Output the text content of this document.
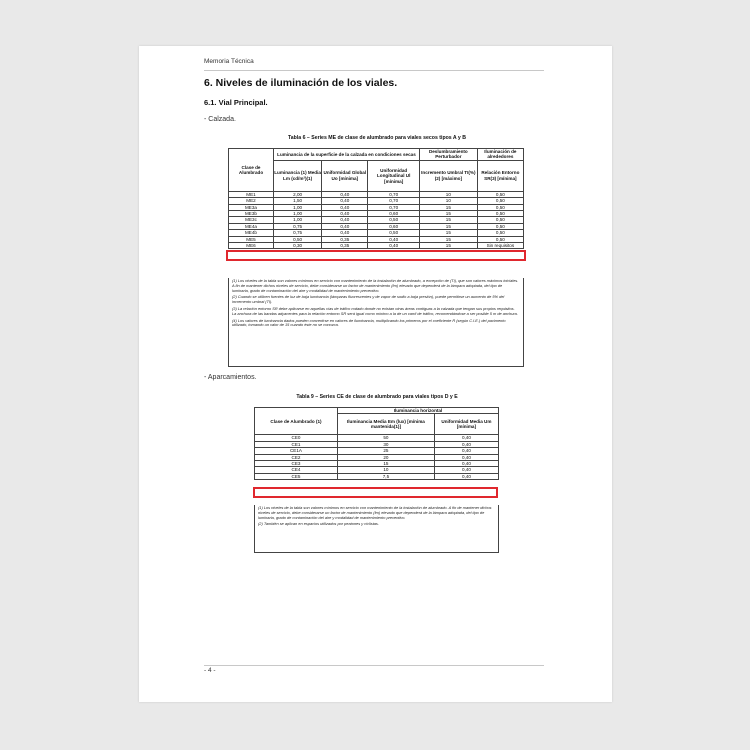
Memoria Técnica
6. Niveles de iluminación de los viales.
6.1. Vial Principal.
- Calzada.
Tabla 6 – Series ME de clase de alumbrado para viales secos tipos A y B
Clase de Alumbrado	Luminancia de la superficie de la calzada en condiciones secas			Deslumbramiento Perturbador	Iluminación de alrededores
	Luminancia (1) Media Lm (cd/m²)(1)	Uniformidad Global Uo [mínima]	Uniformidad Longitudinal Ul [mínima]	Incremento Umbral TI(%)(2) [máximo]	Relación Entorno SR(3) [mínima]
ME1	2,00	0,40	0,70	10	0,50
ME2	1,50	0,40	0,70	10	0,50
ME3a	1,00	0,40	0,70	15	0,50
ME3b	1,00	0,40	0,60	15	0,50
ME3c	1,00	0,40	0,50	15	0,50
ME4a	0,75	0,40	0,60	15	0,50
ME4b	0,75	0,40	0,50	15	0,50
ME5	0,50	0,35	0,40	15	0,50
ME6	0,30	0,35	0,40	15	Sin requisitos

(1) Los niveles de la tabla son valores mínimos en servicio con mantenimiento de la instalación de alumbrado, a excepción de (TI), que son valores máximos iniciales. A fin de mantener dichos niveles de servicio, debe considerarse un factor de mantenimiento (fm) elevado que dependerá de la lámpara adoptada, del tipo de luminaria, grado de contaminación del aire y modalidad de mantenimiento preventivo.

(2) Cuando se utilicen fuentes de luz de baja luminancia (lámparas fluorescentes y de vapor de sodio a baja presión), puede permitirse un aumento de 5% del incremento umbral (TI).

(3) La relación entorno SR debe aplicarse en aquellas vías de tráfico rodado donde no existan otras áreas contiguas a la calzada que tengan sus propios requisitos. La anchura de las bandas adyacentes para la relación entorno SR será igual como mínimo a la de un carril de tráfico, recomendándose a ser posible 5 m de anchura.

(4) Los valores de luminancia dados pueden convertirse en valores de iluminancia, multiplicando los primeros por el coeficiente R (según C.I.E.) del pavimento utilizado, tomando un valor de 15 cuando éste no se conozca.

- Aparcamientos.
Tabla 9 – Series CE de clase de alumbrado para viales tipos D y E
Clase de Alumbrado (1)	Iluminancia horizontal	
	Iluminancia Media Em (lux) [mínima mantenida(1)]	Uniformidad Media Um [mínima]
CE0	50	0,40
CE1	30	0,40
CE1A	25	0,40
CE2	20	0,40
CE3	15	0,40
CE4	10	0,40
CE5	7,5	0,40

(1) Los niveles de la tabla son valores mínimos en servicio con mantenimiento de la instalación de alumbrado. A fin de mantener dichos niveles de servicio, debe considerarse un factor de mantenimiento (fm) elevado que dependerá de la lámpara adoptada, del tipo de luminaria, grado de contaminación del aire y modalidad de mantenimiento preventivo.

(2) También se aplican en espacios utilizados por peatones y ciclistas.

- 4 -
